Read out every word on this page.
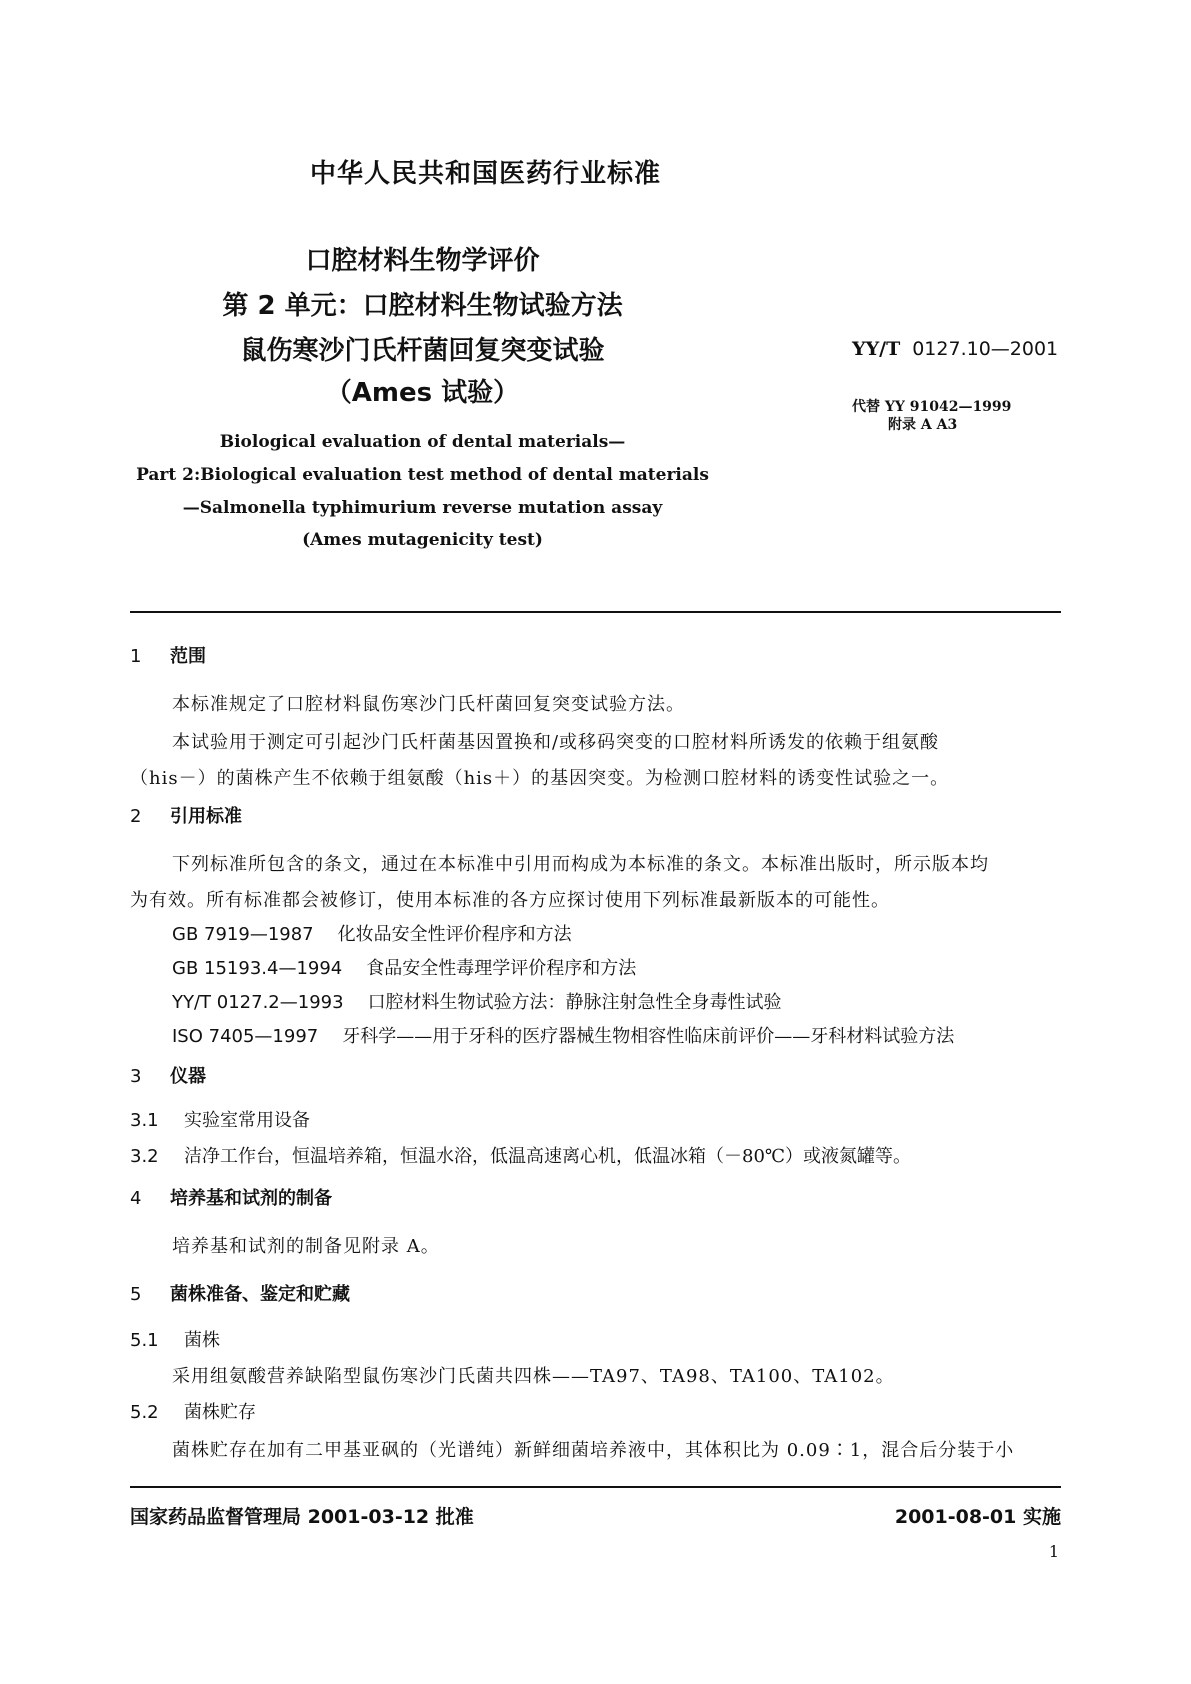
中华人民共和国医药行业标准
口腔材料生物学评价
第 2 单元：口腔材料生物试验方法
鼠伤寒沙门氏杆菌回复突变试验
（Ames 试验）
YY/T 0127.10—2001
代替 YY 91042—1999
附录 A A3
Biological evaluation of dental materials—
Part 2:Biological evaluation test method of dental materials
—Salmonella typhimurium reverse mutation assay
(Ames mutagenicity test)
1 范围
本标准规定了口腔材料鼠伤寒沙门氏杆菌回复突变试验方法。
本试验用于测定可引起沙门氏杆菌基因置换和/或移码突变的口腔材料所诱发的依赖于组氨酸
（his－）的菌株产生不依赖于组氨酸（his＋）的基因突变。为检测口腔材料的诱变性试验之一。
2 引用标准
下列标准所包含的条文，通过在本标准中引用而构成为本标准的条文。本标准出版时，所示版本均
为有效。所有标准都会被修订，使用本标准的各方应探讨使用下列标准最新版本的可能性。
GB 7919—1987 化妆品安全性评价程序和方法
GB 15193.4—1994 食品安全性毒理学评价程序和方法
YY/T 0127.2—1993 口腔材料生物试验方法：静脉注射急性全身毒性试验
ISO 7405—1997 牙科学——用于牙科的医疗器械生物相容性临床前评价——牙科材料试验方法
3 仪器
3.1 实验室常用设备
3.2 洁净工作台，恒温培养箱，恒温水浴，低温高速离心机，低温冰箱（－80℃）或液氮罐等。
4 培养基和试剂的制备
培养基和试剂的制备见附录 A。
5 菌株准备、鉴定和贮藏
5.1 菌株
采用组氨酸营养缺陷型鼠伤寒沙门氏菌共四株——TA97、TA98、TA100、TA102。
5.2 菌株贮存
菌株贮存在加有二甲基亚砜的（光谱纯）新鲜细菌培养液中，其体积比为 0.09∶1，混合后分装于小
国家药品监督管理局 2001-03-12 批准	2001-08-01 实施
1
